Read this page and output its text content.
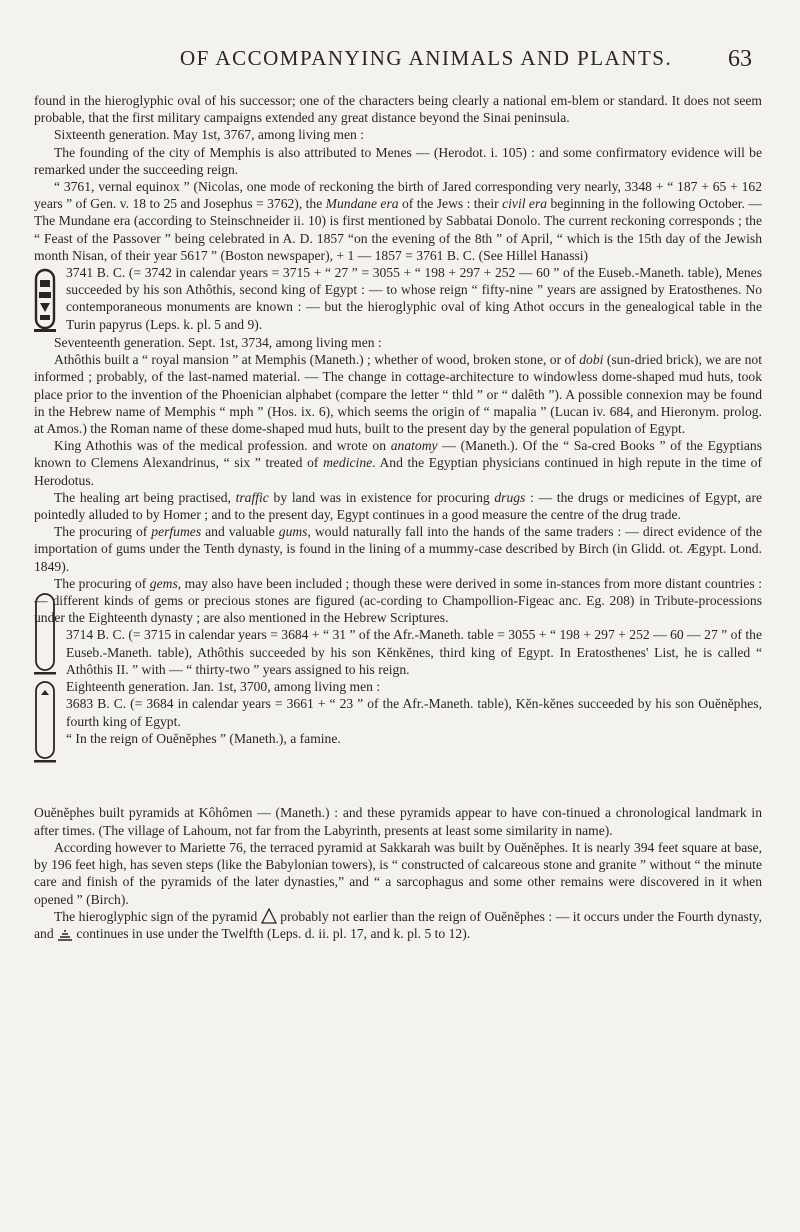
OF ACCOMPANYING ANIMALS AND PLANTS. 63

found in the hieroglyphic oval of his successor; one of the characters being clearly a national em-blem or standard. It does not seem probable, that the first military campaigns extended any great distance beyond the Sinai peninsula.

Sixteenth generation. May 1st, 3767, among living men :

The founding of the city of Memphis is also attributed to Menes — (Herodot. i. 105) : and some confirmatory evidence will be remarked under the succeeding reign.

“ 3761, vernal equinox ” (Nicolas, one mode of reckoning the birth of Jared corresponding very nearly, 3348 + “ 187 + 65 + 162 years ” of Gen. v. 18 to 25 and Josephus = 3762), the Mundane era of the Jews : their civil era beginning in the following October. — The Mundane era (according to Steinschneider ii. 10) is first mentioned by Sabbatai Donolo. The current reckoning corresponds ; the “ Feast of the Passover ” being celebrated in A. D. 1857 “on the evening of the 8th ” of April, “ which is the 15th day of the Jewish month Nisan, of their year 5617 ” (Boston newspaper), + 1 — 1857 = 3761 B. C. (See Hillel Hanassi)

3741 B. C. (= 3742 in calendar years = 3715 + “ 27 ” = 3055 + “ 198 + 297 + 252 — 60 ” of the Euseb.-Maneth. table), Menes succeeded by his son Athôthis, second king of Egypt : — to whose reign “ fifty-nine ” years are assigned by Eratosthenes. No contemporaneous monuments are known : — but the hieroglyphic oval of king Athot occurs in the genealogical table in the Turin papyrus (Leps. k. pl. 5 and 9).

Seventeenth generation. Sept. 1st, 3734, among living men :

Athôthis built a “ royal mansion ” at Memphis (Maneth.) ; whether of wood, broken stone, or of dobi (sun-dried brick), we are not informed ; probably, of the last-named material. — The change in cottage-architecture to windowless dome-shaped mud huts, took place prior to the invention of the Phoenician alphabet (compare the letter “ thld ” or “ dalêth ”). A possible connexion may be found in the Hebrew name of Memphis “ mph ” (Hos. ix. 6), which seems the origin of “ mapalia ” (Lucan iv. 684, and Hieronym. prolog. at Amos.) the Roman name of these dome-shaped mud huts, built to the present day by the general population of Egypt.

King Athothis was of the medical profession. and wrote on anatomy — (Maneth.). Of the “ Sa-cred Books ” of the Egyptians known to Clemens Alexandrinus, “ six ” treated of medicine. And the Egyptian physicians continued in high repute in the time of Herodotus.

The healing art being practised, traffic by land was in existence for procuring drugs : — the drugs or medicines of Egypt, are pointedly alluded to by Homer ; and to the present day, Egypt continues in a good measure the centre of the drug trade.

The procuring of perfumes and valuable gums, would naturally fall into the hands of the same traders : — direct evidence of the importation of gums under the Tenth dynasty, is found in the lining of a mummy-case described by Birch (in Glidd. ot. Ægypt. Lond. 1849).

The procuring of gems, may also have been included ; though these were derived in some in-stances from more distant countries : — different kinds of gems or precious stones are figured (ac-cording to Champollion-Figeac anc. Eg. 208) in Tribute-processions under the Eighteenth dynasty ; are also mentioned in the Hebrew Scriptures.

3714 B. C. (= 3715 in calendar years = 3684 + “ 31 ” of the Afr.-Maneth. table = 3055 + “ 198 + 297 + 252 — 60 — 27 ” of the Euseb.-Maneth. table), Athôthis succeeded by his son Kĕnkĕnes, third king of Egypt. In Eratosthenes' List, he is called “ Athôthis II. ” with — “ thirty-two ” years assigned to his reign.

Eighteenth generation. Jan. 1st, 3700, among living men :

3683 B. C. (= 3684 in calendar years = 3661 + “ 23 ” of the Afr.-Maneth. table), Kĕn-kĕnes succeeded by his son Ouĕnĕphes, fourth king of Egypt.

“ In the reign of Ouĕnĕphes ” (Maneth.), a famine.

Ouĕnĕphes built pyramids at Kôhômen — (Maneth.) : and these pyramids appear to have con-tinued a chronological landmark in after times. (The village of Lahoum, not far from the Labyrinth, presents at least some similarity in name).

According however to Mariette 76, the terraced pyramid at Sakkarah was built by Ouĕnĕphes. It is nearly 394 feet square at base, by 196 feet high, has seven steps (like the Babylonian towers), is “ constructed of calcareous stone and granite ” without “ the minute care and finish of the pyramids of the later dynasties,” and “ a sarcophagus and some other remains were discovered in it when opened ” (Birch).

The hieroglyphic sign of the pyramid  probably not earlier than the reign of Ouĕnĕphes : — it occurs under the Fourth dynasty, and  continues in use under the Twelfth (Leps. d. ii. pl. 17, and k. pl. 5 to 12).
